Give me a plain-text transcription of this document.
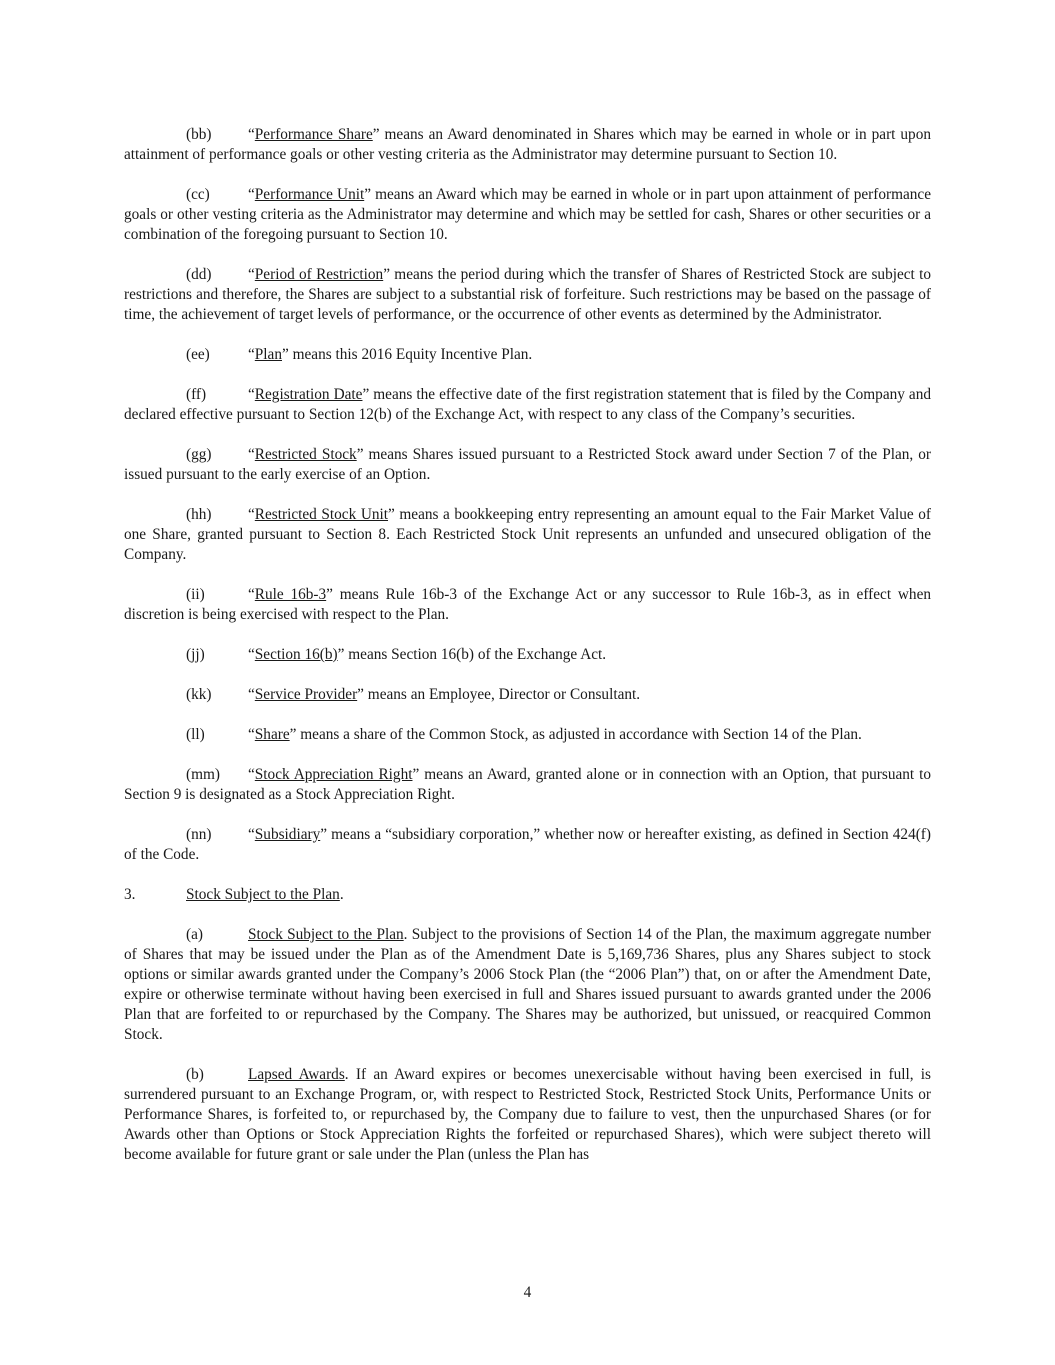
(bb) “Performance Share” means an Award denominated in Shares which may be earned in whole or in part upon attainment of performance goals or other vesting criteria as the Administrator may determine pursuant to Section 10.

(cc) “Performance Unit” means an Award which may be earned in whole or in part upon attainment of performance goals or other vesting criteria as the Administrator may determine and which may be settled for cash, Shares or other securities or a combination of the foregoing pursuant to Section 10.

(dd) “Period of Restriction” means the period during which the transfer of Shares of Restricted Stock are subject to restrictions and therefore, the Shares are subject to a substantial risk of forfeiture. Such restrictions may be based on the passage of time, the achievement of target levels of performance, or the occurrence of other events as determined by the Administrator.

(ee) “Plan” means this 2016 Equity Incentive Plan.

(ff)	“Registration Date” means the effective date of the first registration statement that is filed by the Company and declared effective pursuant to Section 12(b) of the Exchange Act, with respect to any class of the Company’s securities.

(gg) “Restricted Stock” means Shares issued pursuant to a Restricted Stock award under Section 7 of the Plan, or issued pursuant to the early exercise of an Option.

(hh) “Restricted Stock Unit” means a bookkeeping entry representing an amount equal to the Fair Market Value of one Share, granted pursuant to Section 8. Each Restricted Stock Unit represents an unfunded and unsecured obligation of the Company.

(ii)	“Rule 16b-3” means Rule 16b-3 of the Exchange Act or any successor to Rule 16b-3, as in effect when discretion is being exercised with respect to the Plan.

(jj)	“Section 16(b)” means Section 16(b) of the Exchange Act.

(kk) “Service Provider” means an Employee, Director or Consultant.

(ll)	“Share” means a share of the Common Stock, as adjusted in accordance with Section 14 of the Plan.

(mm) “Stock Appreciation Right” means an Award, granted alone or in connection with an Option, that pursuant to Section 9 is designated as a Stock Appreciation Right.

(nn) “Subsidiary” means a “subsidiary corporation,” whether now or hereafter existing, as defined in Section 424(f) of the Code.

3.	Stock Subject to the Plan.

(a)	Stock Subject to the Plan. Subject to the provisions of Section 14 of the Plan, the maximum aggregate number of Shares that may be issued under the Plan as of the Amendment Date is 5,169,736 Shares, plus any Shares subject to stock options or similar awards granted under the Company’s 2006 Stock Plan (the “2006 Plan”) that, on or after the Amendment Date, expire or otherwise terminate without having been exercised in full and Shares issued pursuant to awards granted under the 2006 Plan that are forfeited to or repurchased by the Company. The Shares may be authorized, but unissued, or reacquired Common Stock.

(b)	Lapsed Awards. If an Award expires or becomes unexercisable without having been exercised in full, is surrendered pursuant to an Exchange Program, or, with respect to Restricted Stock, Restricted Stock Units, Performance Units or Performance Shares, is forfeited to, or repurchased by, the Company due to failure to vest, then the unpurchased Shares (or for Awards other than Options or Stock Appreciation Rights the forfeited or repurchased Shares), which were subject thereto will become available for future grant or sale under the Plan (unless the Plan has

4
